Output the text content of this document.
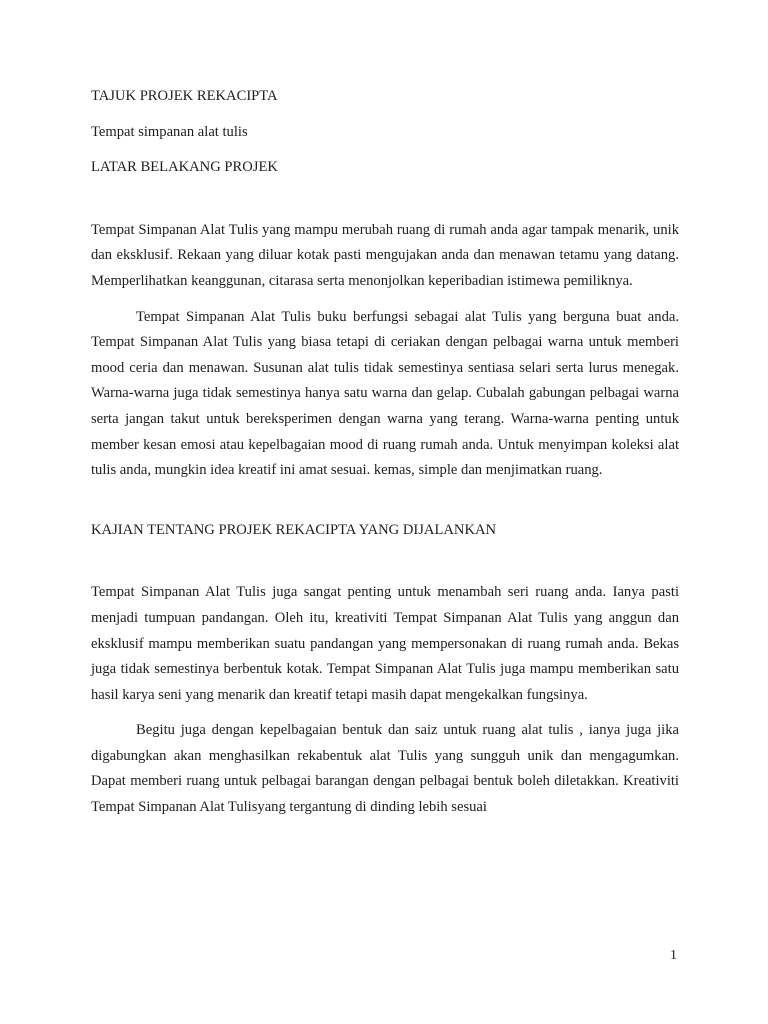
TAJUK PROJEK REKACIPTA
Tempat simpanan alat tulis
LATAR BELAKANG PROJEK

Tempat Simpanan Alat Tulis yang mampu merubah ruang di rumah anda agar tampak menarik, unik dan eksklusif. Rekaan yang diluar kotak pasti mengujakan anda dan menawan tetamu yang datang. Memperlihatkan keanggunan, citarasa serta menonjolkan keperibadian istimewa pemiliknya.

Tempat Simpanan Alat Tulis buku berfungsi sebagai alat Tulis yang berguna buat anda. Tempat Simpanan Alat Tulis yang biasa tetapi di ceriakan dengan pelbagai warna untuk memberi mood ceria dan menawan. Susunan alat tulis tidak semestinya sentiasa selari serta lurus menegak. Warna-warna juga tidak semestinya hanya satu warna dan gelap. Cubalah gabungan pelbagai warna serta jangan takut untuk bereksperimen dengan warna yang terang. Warna-warna penting untuk member kesan emosi atau kepelbagaian mood di ruang rumah anda. Untuk menyimpan koleksi alat tulis anda, mungkin idea kreatif ini amat sesuai. kemas, simple dan menjimatkan ruang.

KAJIAN TENTANG PROJEK REKACIPTA YANG DIJALANKAN

Tempat Simpanan Alat Tulis juga sangat penting untuk menambah seri ruang anda. Ianya pasti menjadi tumpuan pandangan. Oleh itu, kreativiti Tempat Simpanan Alat Tulis yang anggun dan eksklusif mampu memberikan suatu pandangan yang mempersonakan di ruang rumah anda. Bekas juga tidak semestinya berbentuk kotak. Tempat Simpanan Alat Tulis juga mampu memberikan satu hasil karya seni yang menarik dan kreatif tetapi masih dapat mengekalkan fungsinya.

Begitu juga dengan kepelbagaian bentuk dan saiz untuk ruang alat tulis , ianya juga jika digabungkan akan menghasilkan rekabentuk alat Tulis yang sungguh unik dan mengagumkan. Dapat memberi ruang untuk pelbagai barangan dengan pelbagai bentuk boleh diletakkan. Kreativiti Tempat Simpanan Alat Tulisyang tergantung di dinding lebih sesuai

1
